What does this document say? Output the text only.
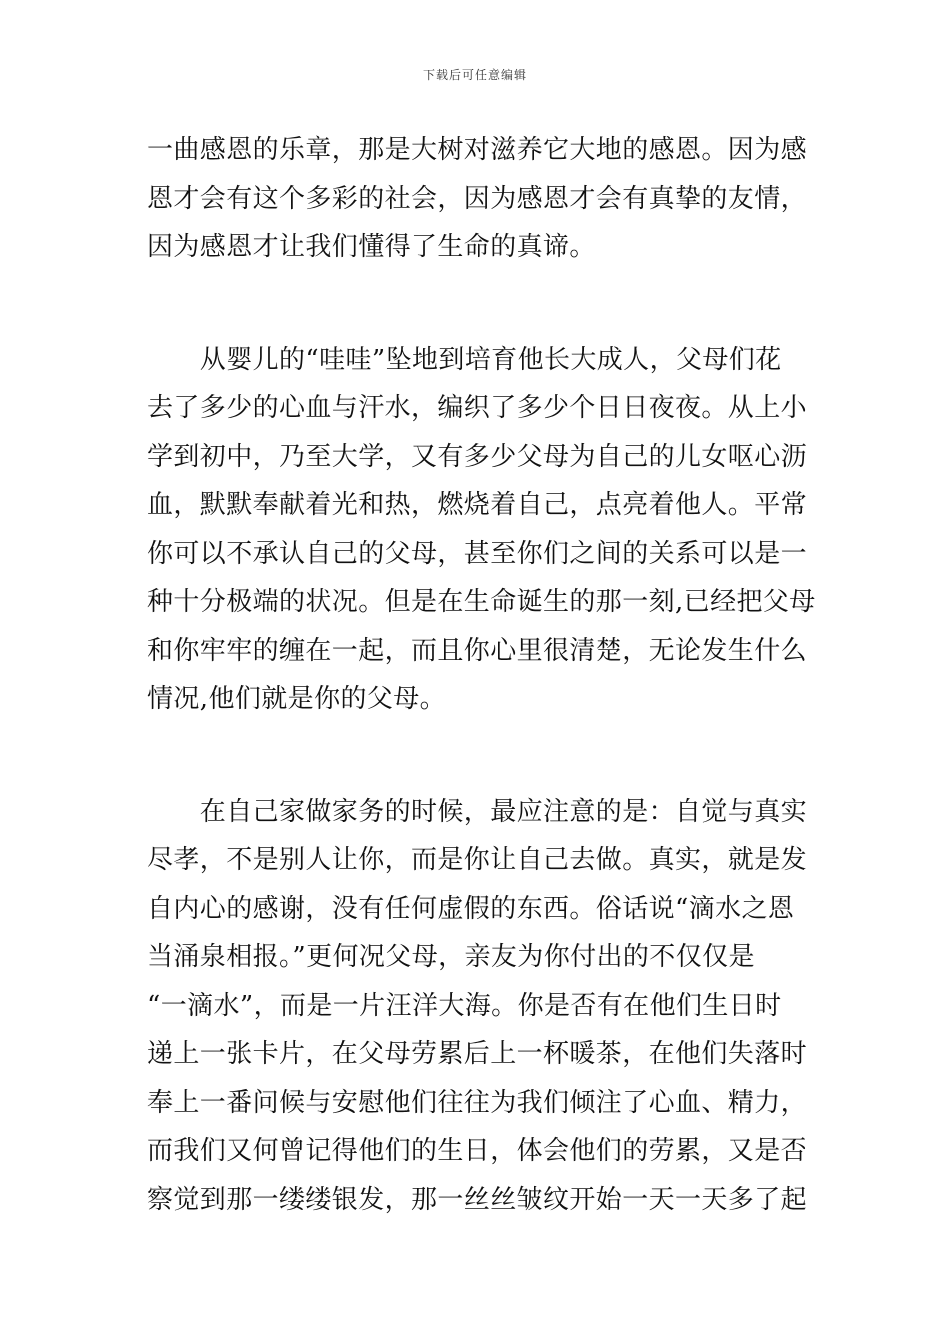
下载后可任意编辑
一曲感恩的乐章，那是大树对滋养它大地的感恩。因为感
恩才会有这个多彩的社会，因为感恩才会有真挚的友情，
因为感恩才让我们懂得了生命的真谛。
　　从婴儿的“哇哇”坠地到培育他长大成人，父母们花
去了多少的心血与汗水，编织了多少个日日夜夜。从上小
学到初中，乃至大学，又有多少父母为自己的儿女呕心沥
血，默默奉献着光和热，燃烧着自己，点亮着他人。平常
你可以不承认自己的父母，甚至你们之间的关系可以是一
种十分极端的状况。但是在生命诞生的那一刻,已经把父母
和你牢牢的缠在一起，而且你心里很清楚，无论发生什么
情况,他们就是你的父母。
　　在自己家做家务的时候，最应注意的是：自觉与真实
尽孝，不是别人让你，而是你让自己去做。真实，就是发
自内心的感谢，没有任何虚假的东西。俗话说“滴水之恩
当涌泉相报。”更何况父母，亲友为你付出的不仅仅是
“一滴水”，而是一片汪洋大海。你是否有在他们生日时
递上一张卡片，在父母劳累后上一杯暖茶，在他们失落时
奉上一番问候与安慰他们往往为我们倾注了心血、精力，
而我们又何曾记得他们的生日，体会他们的劳累，又是否
察觉到那一缕缕银发，那一丝丝皱纹开始一天一天多了起
